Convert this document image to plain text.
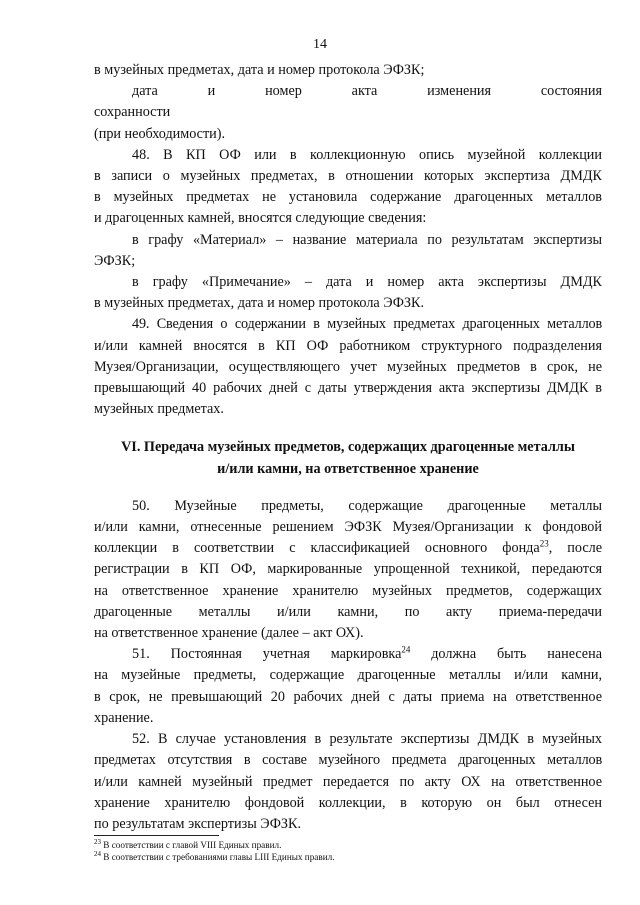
14

в музейных предметах, дата и номер протокола ЭФЗК;

дата и номер акта изменения состояния сохранности
(при необходимости).

48. В КП ОФ или в коллекционную опись музейной коллекции
в записи о музейных предметах, в отношении которых экспертиза ДМДК
в музейных предметах не установила содержание драгоценных металлов
и драгоценных камней, вносятся следующие сведения:

в графу «Материал» – название материала по результатам экспертизы
ЭФЗК;

в графу «Примечание» – дата и номер акта экспертизы ДМДК
в музейных предметах, дата и номер протокола ЭФЗК.

49. Сведения о содержании в музейных предметах драгоценных металлов
и/или камней вносятся в КП ОФ работником структурного подразделения
Музея/Организации, осуществляющего учет музейных предметов в срок, не
превышающий 40 рабочих дней с даты утверждения акта экспертизы ДМДК в
музейных предметах.

VI. Передача музейных предметов, содержащих драгоценные металлы
и/или камни, на ответственное хранение

50. Музейные предметы, содержащие драгоценные металлы
и/или камни, отнесенные решением ЭФЗК Музея/Организации к фондовой
коллекции в соответствии с классификацией основного фонда$^{23}$, после
регистрации в КП ОФ, маркированные упрощенной техникой, передаются
на ответственное хранение хранителю музейных предметов, содержащих
драгоценные металлы и/или камни, по акту приема-передачи
на ответственное хранение (далее – акт ОХ).

51. Постоянная учетная маркировка$^{24}$ должна быть нанесена
на музейные предметы, содержащие драгоценные металлы и/или камни,
в срок, не превышающий 20 рабочих дней с даты приема на ответственное
хранение.

52. В случае установления в результате экспертизы ДМДК в музейных
предметах отсутствия в составе музейного предмета драгоценных металлов
и/или камней музейный предмет передается по акту ОХ на ответственное
хранение хранителю фондовой коллекции, в которую он был отнесен
по результатам экспертизы ЭФЗК.

$^{23}$ В соответствии с главой VIII Единых правил.

$^{24}$ В соответствии с требованиями главы LIII Единых правил.
